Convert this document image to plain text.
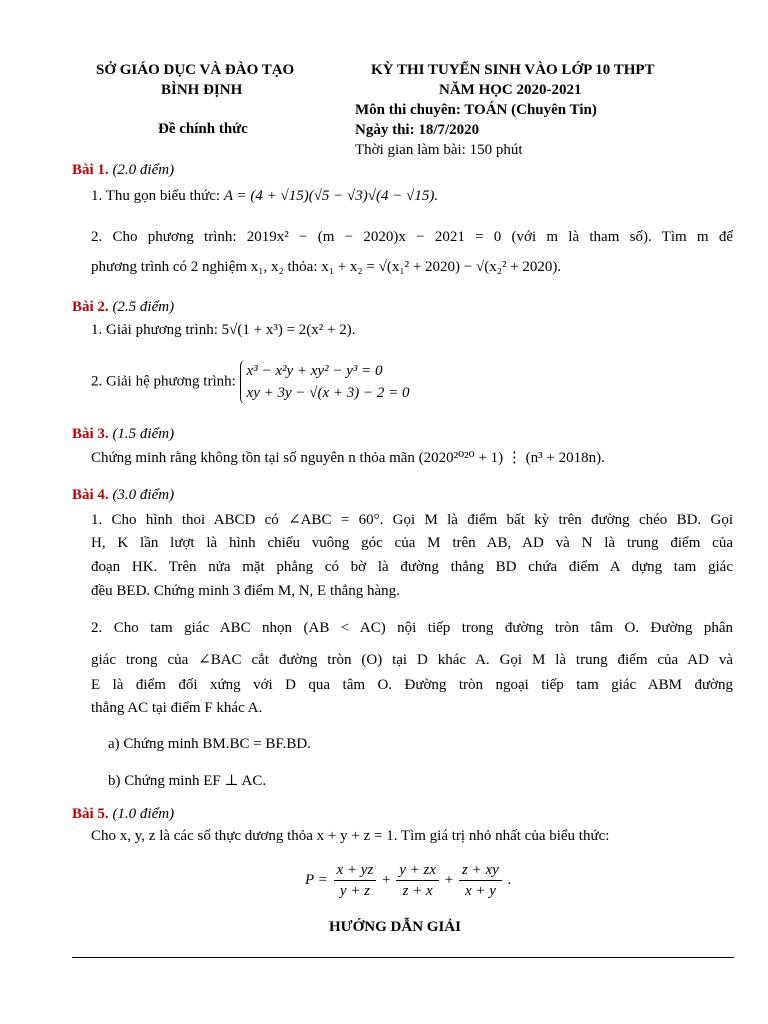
SỞ GIÁO DỤC VÀ ĐÀO TẠO
BÌNH ĐỊNH
Đề chính thức
KỲ THI TUYỂN SINH VÀO LỚP 10 THPT
NĂM HỌC 2020-2021
Môn thi chuyên: TOÁN (Chuyên Tin)
Ngày thi: 18/7/2020
Thời gian làm bài: 150 phút
Bài 1. (2.0 điểm)
1. Thu gọn biểu thức: A = (4 + √15)(√5 − √3)√(4 − √15).
2. Cho phương trình: 2019x² − (m − 2020)x − 2021 = 0 (với m là tham số). Tìm m để
phương trình có 2 nghiệm x₁, x₂ thỏa: x₁ + x₂ = √(x₁² + 2020) − √(x₂² + 2020).
Bài 2. (2.5 điểm)
1. Giải phương trình: 5√(1 + x³) = 2(x² + 2).
2. Giải hệ phương trình:
x³ − x²y + xy² − y³ = 0
xy + 3y − √(x + 3) − 2 = 0
Bài 3. (1.5 điểm)
Chứng minh rằng không tồn tại số nguyên n thỏa mãn (2020²⁰²⁰ + 1) ⋮ (n³ + 2018n).
Bài 4. (3.0 điểm)
1. Cho hình thoi ABCD có ∠ABC = 60°. Gọi M là điểm bất kỳ trên đường chéo BD. Gọi
H, K lần lượt là hình chiếu vuông góc của M trên AB, AD và N là trung điểm của
đoạn HK. Trên nửa mặt phẳng có bờ là đường thẳng BD chứa điểm A dựng tam giác
đều BED. Chứng minh 3 điểm M, N, E thẳng hàng.
2. Cho tam giác ABC nhọn (AB < AC) nội tiếp trong đường tròn tâm O. Đường phân
giác trong của ∠BAC cắt đường tròn (O) tại D khác A. Gọi M là trung điểm của AD và
E là điểm đối xứng với D qua tâm O. Đường tròn ngoại tiếp tam giác ABM đường
thẳng AC tại điểm F khác A.
a) Chứng minh BM.BC = BF.BD.
b) Chứng minh EF ⊥ AC.
Bài 5. (1.0 điểm)
Cho x, y, z là các số thực dương thỏa x + y + z = 1. Tìm giá trị nhỏ nhất của biểu thức:
$P = \frac{x + yz}{y + z} + \frac{y + zx}{z + x} + \frac{z + xy}{x + y}$ .
HƯỚNG DẪN GIẢI
